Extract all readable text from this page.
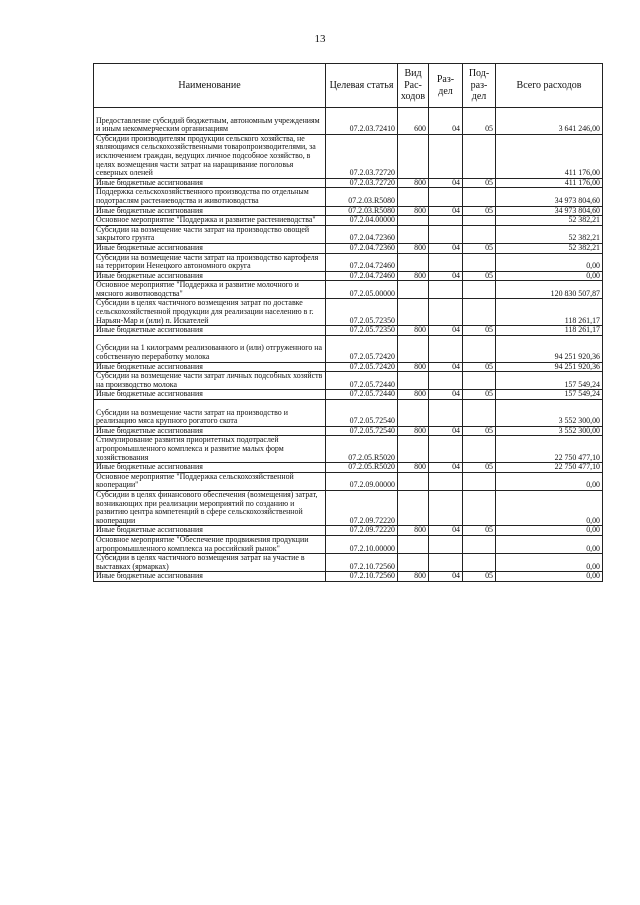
13
Наименование	Целевая статья	Вид Рас-ходов	Раз-дел	Под-раз-дел	Всего расходов

Предоставление субсидий бюджетным, автономным учреждениям и иным некоммерческим организациям	07.2.03.72410	600	04	05	3 641 246,00
Субсидии производителям продукции сельского хозяйства, не являющимся сельскохозяйственными товаропроизводителями, за исключением граждан, ведущих личное подсобное хозяйство, в целях возмещения части затрат на наращивание поголовья северных оленей	07.2.03.72720				411 176,00
Иные бюджетные ассигнования	07.2.03.72720	800	04	05	411 176,00
Поддержка сельскохозяйственного производства по отдельным подотраслям растениеводства и животноводства	07.2.03.R5080				34 973 804,60
Иные бюджетные ассигнования	07.2.03.R5080	800	04	05	34 973 804,60
Основное мероприятие "Поддержка и развитие растениеводства"	07.2.04.00000				52 382,21
Субсидии на возмещение части затрат на производство овощей закрытого грунта	07.2.04.72360				52 382,21
Иные бюджетные ассигнования	07.2.04.72360	800	04	05	52 382,21
Субсидии на возмещение части затрат на производство картофеля на территории Ненецкого автономного округа	07.2.04.72460				0,00
Иные бюджетные ассигнования	07.2.04.72460	800	04	05	0,00
Основное мероприятие "Поддержка и развитие молочного и мясного животноводства"	07.2.05.00000				120 830 507,87
Субсидии в целях частичного возмещения затрат по доставке сельскохозяйственной продукции для реализации населению в г. Нарьян-Мар и (или) п. Искателей	07.2.05.72350				118 261,17
Иные бюджетные ассигнования	07.2.05.72350	800	04	05	118 261,17

Субсидии на 1 килограмм реализованного и (или) отгруженного на собственную переработку молока	07.2.05.72420				94 251 920,36
Иные бюджетные ассигнования	07.2.05.72420	800	04	05	94 251 920,36
Субсидии на возмещение части затрат личных подсобных хозяйств на производство молока	07.2.05.72440				157 549,24
Иные бюджетные ассигнования	07.2.05.72440	800	04	05	157 549,24

Субсидии на возмещение части затрат на производство и реализацию мяса крупного рогатого скота	07.2.05.72540				3 552 300,00
Иные бюджетные ассигнования	07.2.05.72540	800	04	05	3 552 300,00
Стимулирование развития приоритетных подотраслей агропромышленного комплекса и развитие малых форм хозяйствования	07.2.05.R5020				22 750 477,10
Иные бюджетные ассигнования	07.2.05.R5020	800	04	05	22 750 477,10
Основное мероприятие "Поддержка сельскохозяйственной кооперации"	07.2.09.00000				0,00
Субсидии в целях финансового обеспечения (возмещения) затрат, возникающих при реализации мероприятий по созданию и развитию центра компетенций в сфере сельскохозяйственной кооперации	07.2.09.72220				0,00
Иные бюджетные ассигнования	07.2.09.72220	800	04	05	0,00
Основное мероприятие "Обеспечение продвижения продукции агропромышленного комплекса на российский рынок"	07.2.10.00000				0,00
Субсидии в целях частичного возмещения затрат на участие в выставках (ярмарках)	07.2.10.72560				0,00
Иные бюджетные ассигнования	07.2.10.72560	800	04	05	0,00
